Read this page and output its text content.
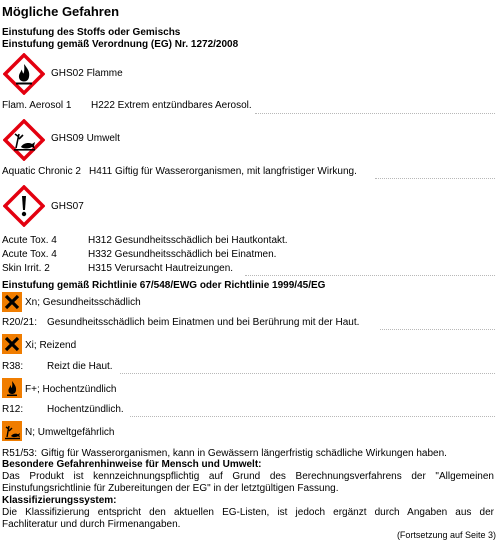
Mögliche Gefahren
Einstufung des Stoffs oder Gemischs
Einstufung gemäß Verordnung (EG) Nr. 1272/2008
GHS02 Flamme
Flam. Aerosol 1 H222 Extrem entzündbares Aerosol.
GHS09 Umwelt
Aquatic Chronic 2 H411 Giftig für Wasserorganismen, mit langfristiger Wirkung.
GHS07
Acute Tox. 4	H312 Gesundheitsschädlich bei Hautkontakt.
Acute Tox. 4	H332 Gesundheitsschädlich bei Einatmen.
Skin Irrit. 2	H315 Verursacht Hautreizungen.
Einstufung gemäß Richtlinie 67/548/EWG oder Richtlinie 1999/45/EG
Xn; Gesundheitsschädlich
R20/21: Gesundheitsschädlich beim Einatmen und bei Berührung mit der Haut.
Xi; Reizend
R38: Reizt die Haut.
F+; Hochentzündlich
R12: Hochentzündlich.
N; Umweltgefährlich
R51/53: Giftig für Wasserorganismen, kann in Gewässern längerfristig schädliche Wirkungen haben.
Besondere Gefahrenhinweise für Mensch und Umwelt:
Das Produkt ist kennzeichnungspflichtig auf Grund des Berechnungsverfahrens der "Allgemeinen
Einstufungsrichtlinie für Zubereitungen der EG" in der letztgültigen Fassung.
Klassifizierungssystem:
Die Klassifizierung entspricht den aktuellen EG-Listen, ist jedoch ergänzt durch Angaben aus der
Fachliteratur und durch Firmenangaben.
(Fortsetzung auf Seite 3)
